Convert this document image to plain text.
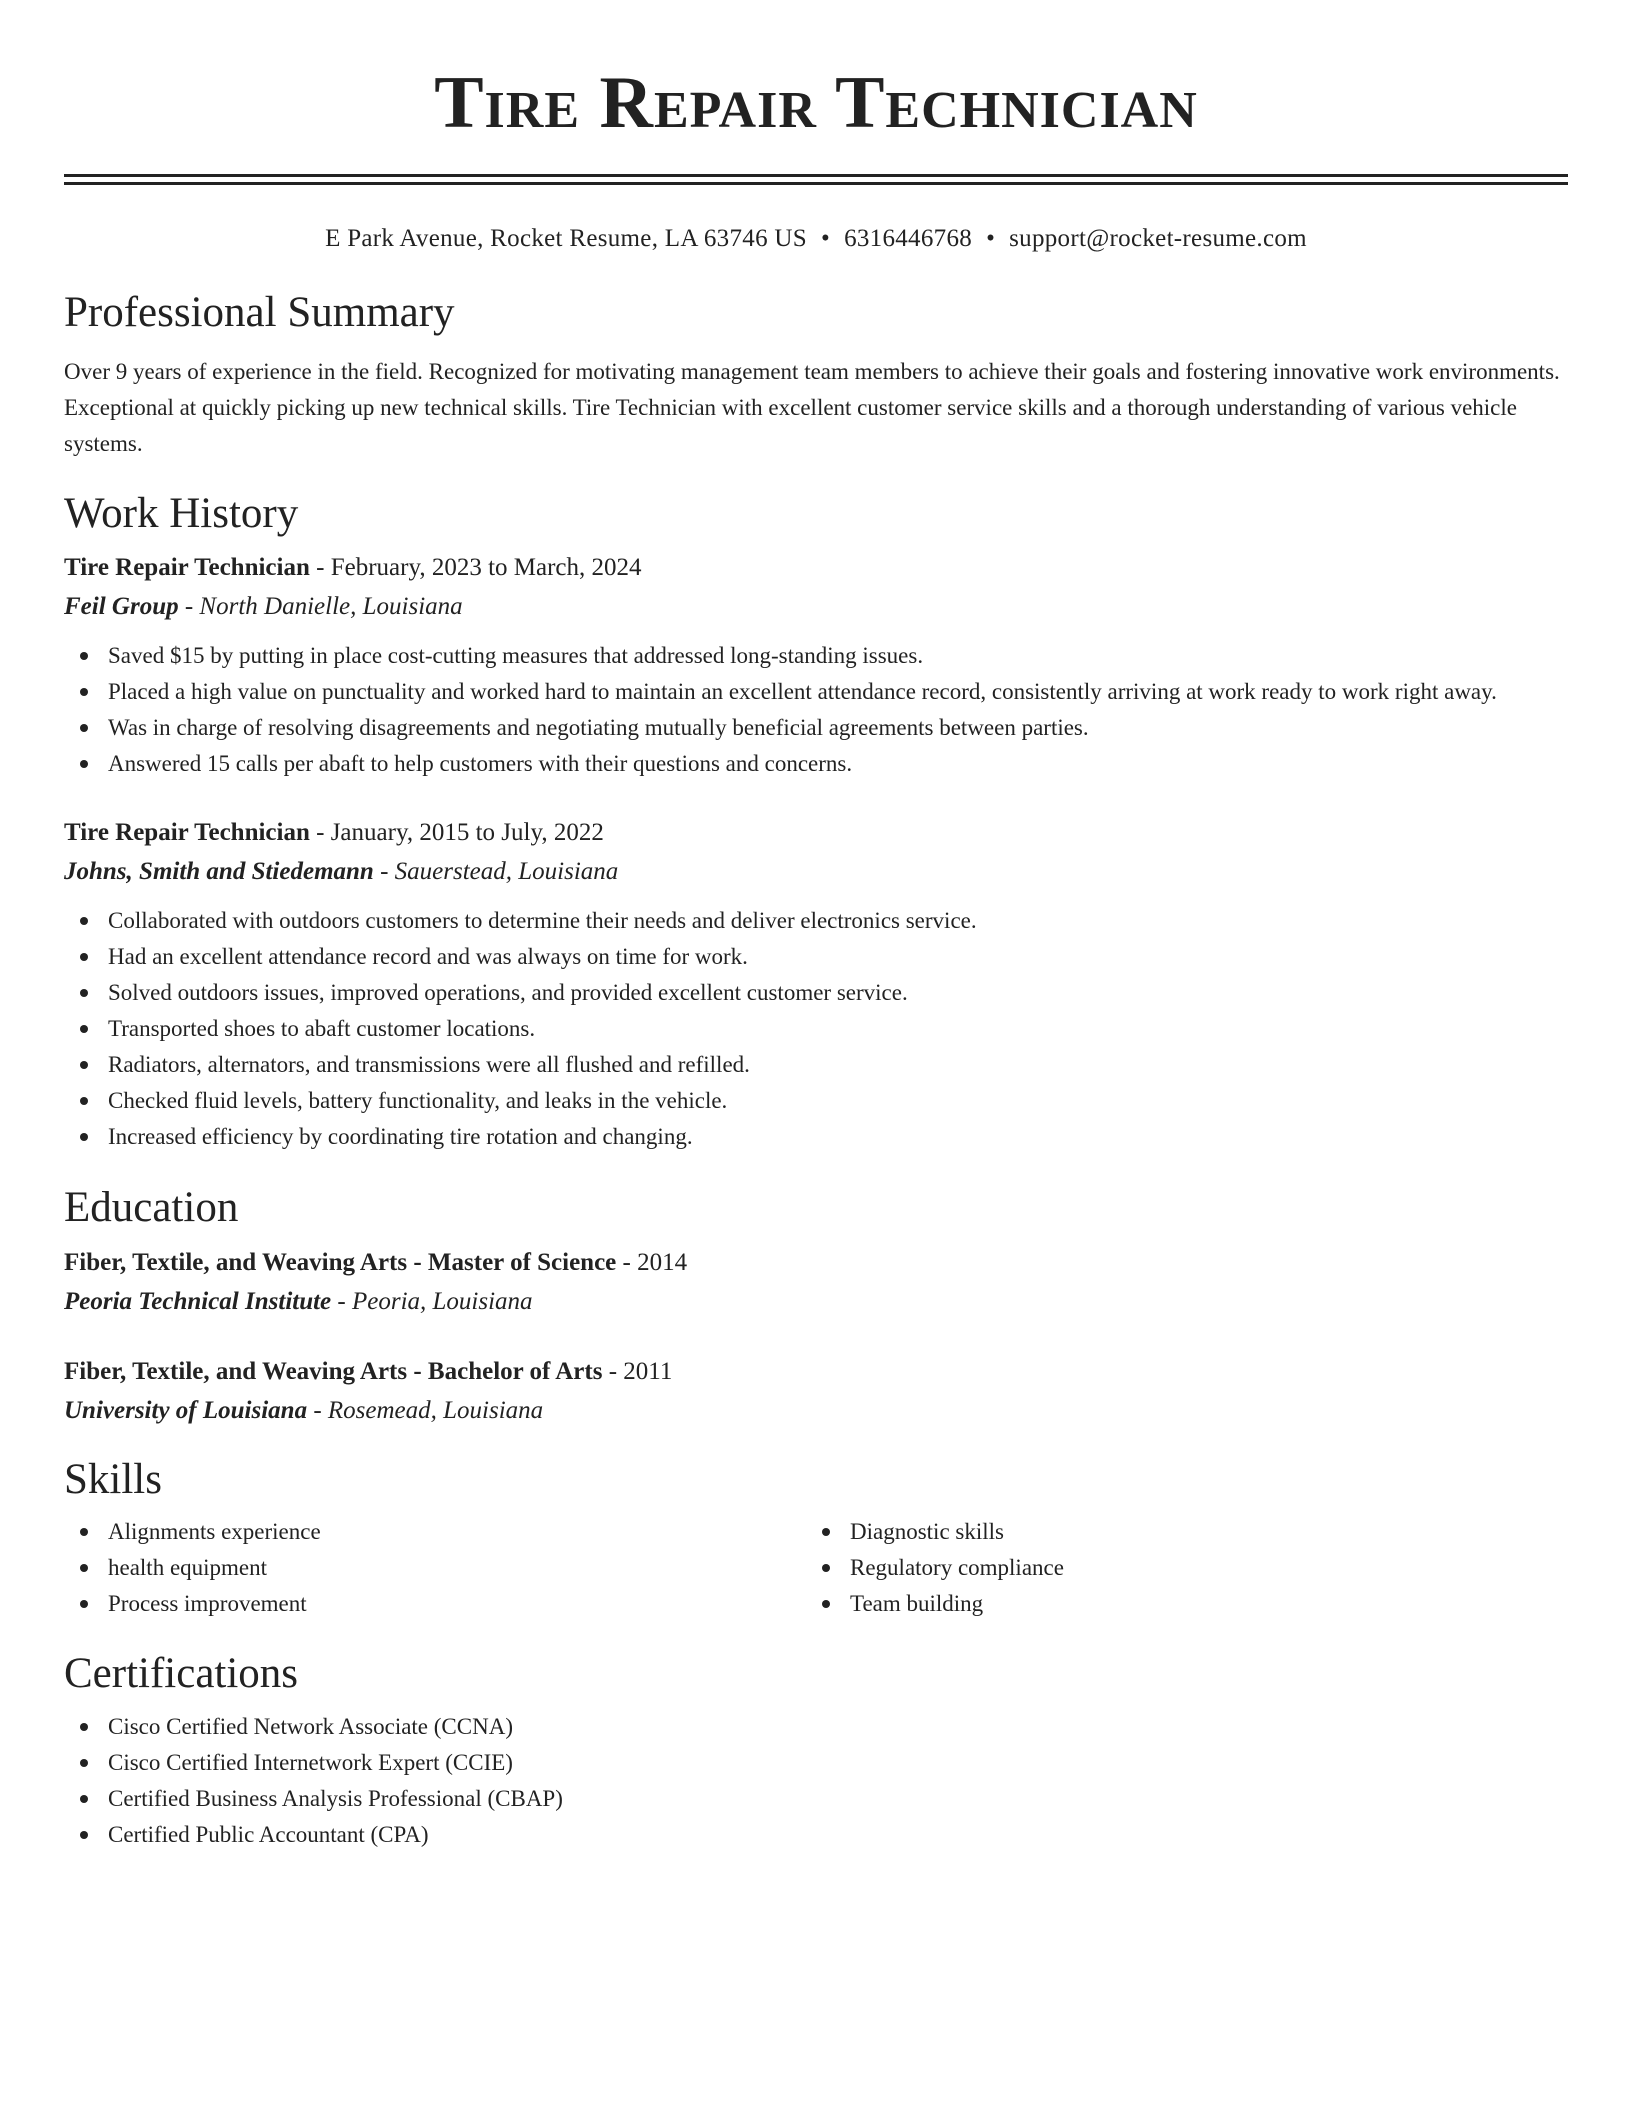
Tire Repair Technician
E Park Avenue, Rocket Resume, LA 63746 US • 6316446768 • support@rocket-resume.com
Professional Summary

Over 9 years of experience in the field. Recognized for motivating management team members to achieve their goals and fostering innovative work environments. Exceptional at quickly picking up new technical skills. Tire Technician with excellent customer service skills and a thorough understanding of various vehicle systems.

Work History
Tire Repair Technician - February, 2023 to March, 2024
Feil Group - North Danielle, Louisiana
Saved $15 by putting in place cost-cutting measures that addressed long-standing issues.
Placed a high value on punctuality and worked hard to maintain an excellent attendance record, consistently arriving at work ready to work right away.
Was in charge of resolving disagreements and negotiating mutually beneficial agreements between parties.
Answered 15 calls per abaft to help customers with their questions and concerns.
Tire Repair Technician - January, 2015 to July, 2022
Johns, Smith and Stiedemann - Sauerstead, Louisiana
Collaborated with outdoors customers to determine their needs and deliver electronics service.
Had an excellent attendance record and was always on time for work.
Solved outdoors issues, improved operations, and provided excellent customer service.
Transported shoes to abaft customer locations.
Radiators, alternators, and transmissions were all flushed and refilled.
Checked fluid levels, battery functionality, and leaks in the vehicle.
Increased efficiency by coordinating tire rotation and changing.
Education
Fiber, Textile, and Weaving Arts - Master of Science - 2014
Peoria Technical Institute - Peoria, Louisiana
Fiber, Textile, and Weaving Arts - Bachelor of Arts - 2011
University of Louisiana - Rosemead, Louisiana
Skills
Alignments experience
health equipment
Process improvement
Diagnostic skills
Regulatory compliance
Team building
Certifications
Cisco Certified Network Associate (CCNA)
Cisco Certified Internetwork Expert (CCIE)
Certified Business Analysis Professional (CBAP)
Certified Public Accountant (CPA)
